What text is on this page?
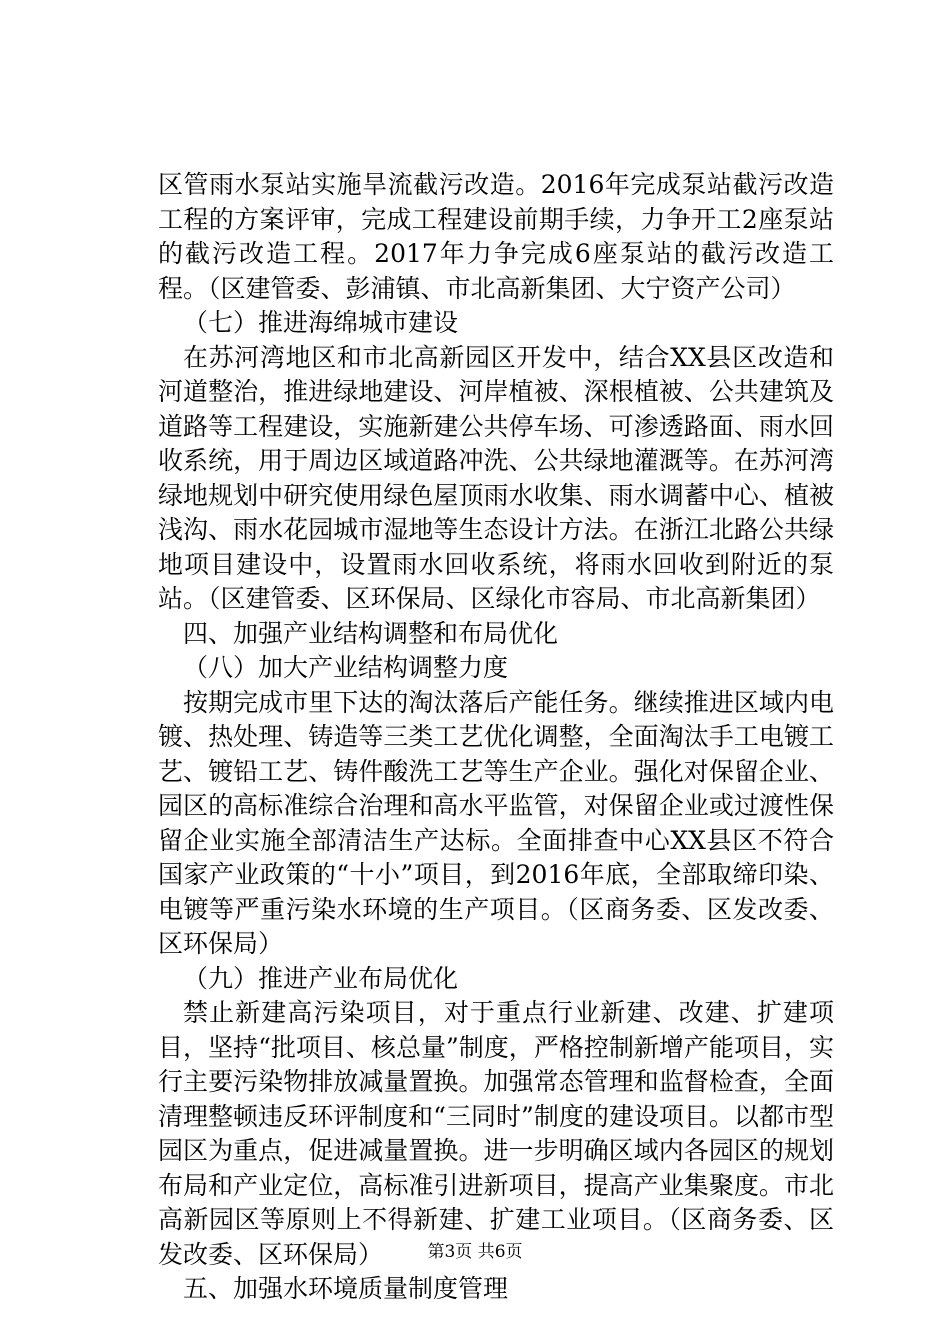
区管雨水泵站实施旱流截污改造。2016年完成泵站截污改造工程的方案评审，完成工程建设前期手续，力争开工2座泵站的截污改造工程。2017年力争完成6座泵站的截污改造工程。（区建管委、彭浦镇、市北高新集团、大宁资产公司）

（七）推进海绵城市建设

在苏河湾地区和市北高新园区开发中，结合XX县区改造和河道整治，推进绿地建设、河岸植被、深根植被、公共建筑及道路等工程建设，实施新建公共停车场、可渗透路面、雨水回收系统，用于周边区域道路冲洗、公共绿地灌溉等。在苏河湾绿地规划中研究使用绿色屋顶雨水收集、雨水调蓄中心、植被浅沟、雨水花园城市湿地等生态设计方法。在浙江北路公共绿地项目建设中，设置雨水回收系统，将雨水回收到附近的泵站。（区建管委、区环保局、区绿化市容局、市北高新集团）

四、加强产业结构调整和布局优化

（八）加大产业结构调整力度

按期完成市里下达的淘汰落后产能任务。继续推进区域内电镀、热处理、铸造等三类工艺优化调整，全面淘汰手工电镀工艺、镀铅工艺、铸件酸洗工艺等生产企业。强化对保留企业、园区的高标准综合治理和高水平监管，对保留企业或过渡性保留企业实施全部清洁生产达标。全面排查中心XX县区不符合国家产业政策的“十小”项目，到2016年底，全部取缔印染、电镀等严重污染水环境的生产项目。（区商务委、区发改委、区环保局）

（九）推进产业布局优化

禁止新建高污染项目，对于重点行业新建、改建、扩建项目，坚持“批项目、核总量”制度，严格控制新增产能项目，实行主要污染物排放减量置换。加强常态管理和监督检查，全面清理整顿违反环评制度和“三同时”制度的建设项目。以都市型园区为重点，促进减量置换。进一步明确区域内各园区的规划布局和产业定位，高标准引进新项目，提高产业集聚度。市北高新园区等原则上不得新建、扩建工业项目。（区商务委、区发改委、区环保局）

五、加强水环境质量制度管理

第3页 共6页
